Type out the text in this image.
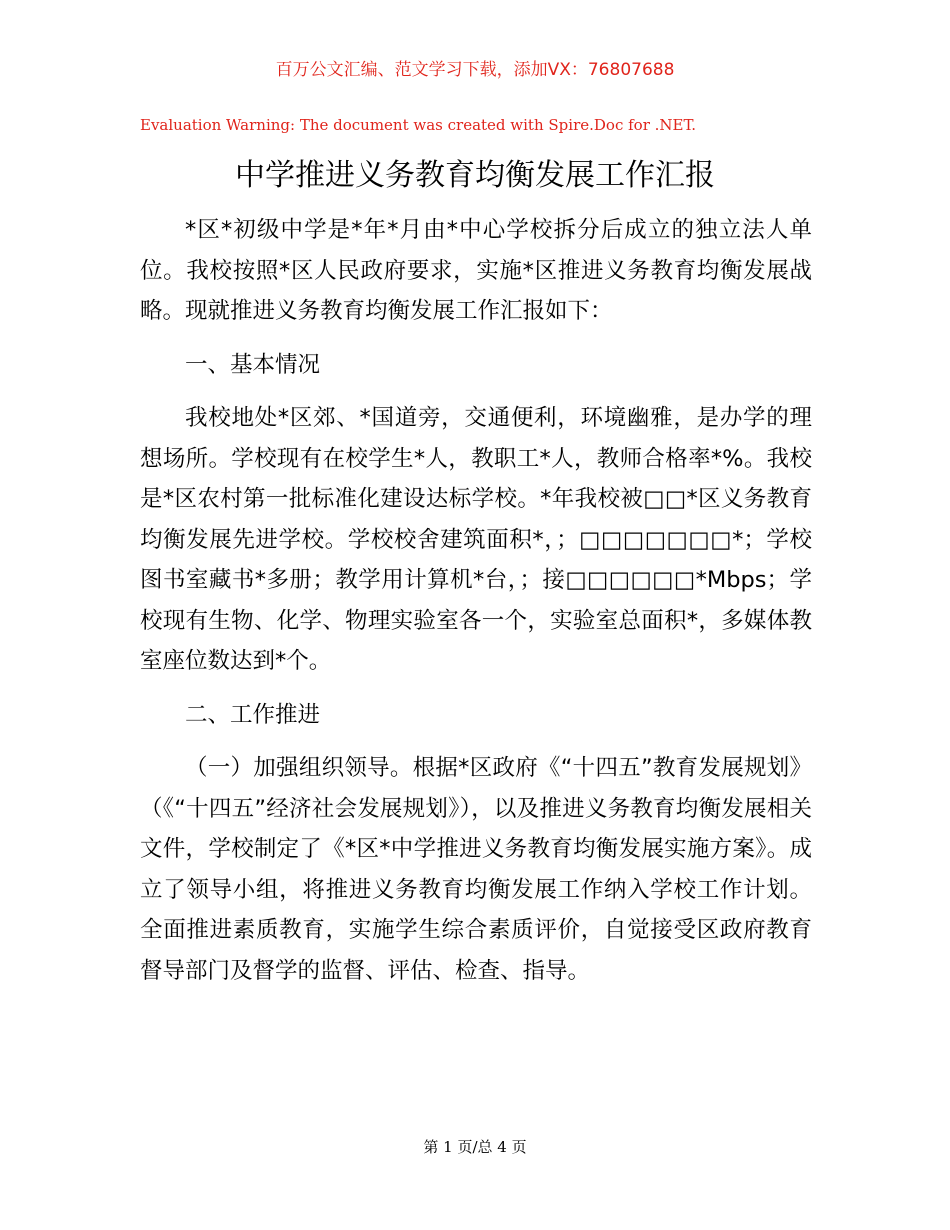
百万公文汇编、范文学习下载，添加VX：76807688
Evaluation Warning: The document was created with Spire.Doc for .NET.
中学推进义务教育均衡发展工作汇报

*区*初级中学是*年*月由*中心学校拆分后成立的独立法人单位。我校按照*区人民政府要求，实施*区推进义务教育均衡发展战略。现就推进义务教育均衡发展工作汇报如下：

一、基本情况

我校地处*区郊、*国道旁，交通便利，环境幽雅，是办学的理想场所。学校现有在校学生*人，教职工*人，教师合格率*%。我校是*区农村第一批标准化建设达标学校。*年我校被□□*区义务教育均衡发展先进学校。学校校舍建筑面积*，；□□□□□□□*；学校图书室藏书*多册；教学用计算机*台，；接□□□□□□*Mbps；学校现有生物、化学、物理实验室各一个，实验室总面积*，多媒体教室座位数达到*个。

二、工作推进

（一）加强组织领导。根据*区政府《“十四五”教育发展规划》（《“十四五”经济社会发展规划》），以及推进义务教育均衡发展相关文件，学校制定了《*区*中学推进义务教育均衡发展实施方案》。成立了领导小组，将推进义务教育均衡发展工作纳入学校工作计划。全面推进素质教育，实施学生综合素质评价，自觉接受区政府教育督导部门及督学的监督、评估、检查、指导。

第 1 页/总 4 页
